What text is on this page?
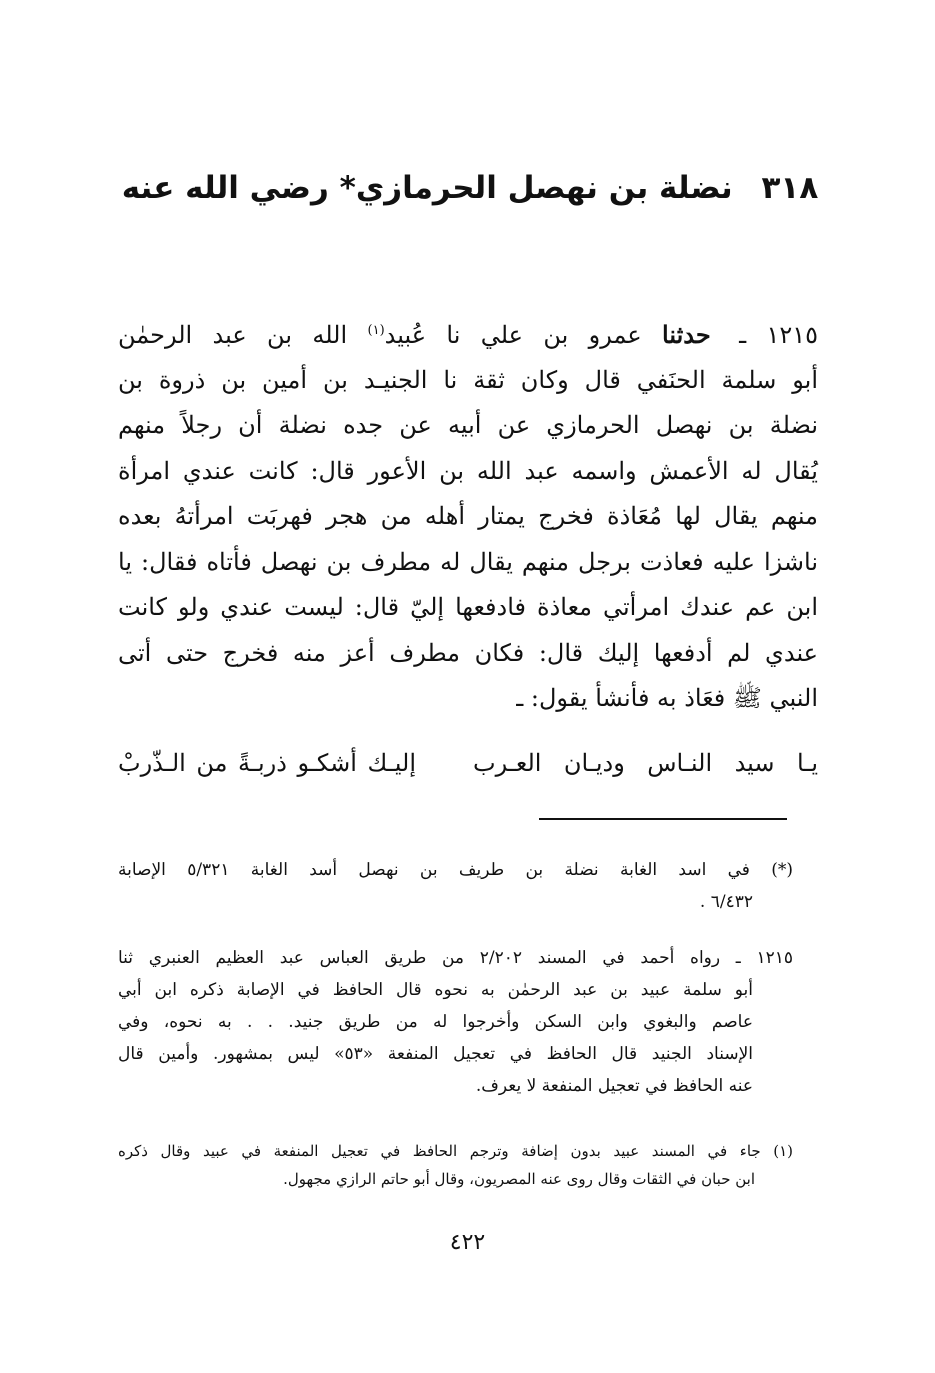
٣١٨ نضلة بن نهصل الحرمازي* رضي الله عنه
١٢١٥ ـ حدثنا عمرو بن علي نا عُبيد$^{(١)}$ الله بن عبد الرحمٰن
أبو سلمة الحنَفي قال وكان ثقة نا الجنيـد بن أمين بن ذروة بن
نضلة بن نهصل الحرمازي عن أبيه عن جده نضلة أن رجلاً منهم
يُقال له الأعمش واسمه عبد الله بن الأعور قال: كانت عندي امرأة
منهم يقال لها مُعَاذة فخرج يمتار أهله من هجر فهربَت امرأتهُ بعده
ناشزا عليه فعاذت برجل منهم يقال له مطرف بن نهصل فأتاه فقال: يا
ابن عم عندك امرأتي معاذة فادفعها إليّ قال: ليست عندي ولو كانت
عندي لم أدفعها إليك قال: فكان مطرف أعز منه فخرج حتى أتى
النبي ﷺ فعَاذ به فأنشأ يقول: ـ
يـا سيد النـاس وديـان العـرب
إليـك أشكـو ذربـةً من الـذّربْ
(*) في اسد الغابة نضلة بن طريف بن نهصل أسد الغابة ٥/٣٢١ الإصابة
٦/٤٣٢ .
١٢١٥ ـ رواه أحمد في المسند ٢/٢٠٢ من طريق العباس عبد العظيم العنبري ثنا
أبو سلمة عبيد بن عبد الرحمٰن به نحوه قال الحافظ في الإصابة ذكره ابن أبي
عاصم والبغوي وابن السكن وأخرجوا له من طريق جنيد. . . به نحوه، وفي
الإسناد الجنيد قال الحافظ في تعجيل المنفعة «٥٣» ليس بمشهور. وأمين قال
عنه الحافظ في تعجيل المنفعة لا يعرف.
(١) جاء في المسند عبيد بدون إضافة وترجم الحافظ في تعجيل المنفعة في عبيد وقال ذكره
ابن حبان في الثقات وقال روى عنه المصريون، وقال أبو حاتم الرازي مجهول.
٤٢٢
